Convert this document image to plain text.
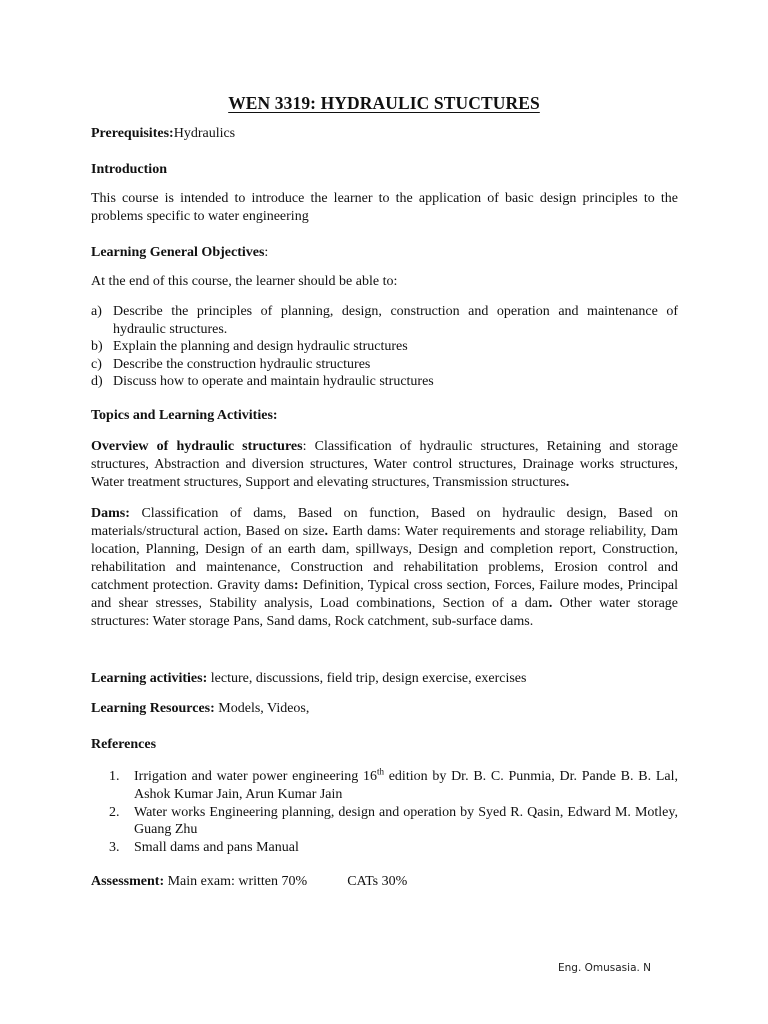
WEN 3319: HYDRAULIC STUCTURES
Prerequisites:Hydraulics
Introduction
This course is intended to introduce the learner to the application of basic design principles to the problems specific to water engineering
Learning General Objectives:
At the end of this course, the learner should be able to:
a) Describe the principles of planning, design, construction and operation and maintenance of hydraulic structures.
b) Explain the planning and design hydraulic structures
c) Describe the construction hydraulic structures
d) Discuss how to operate and maintain hydraulic structures
Topics and Learning Activities:
Overview of hydraulic structures: Classification of hydraulic structures, Retaining and storage structures, Abstraction and diversion structures, Water control structures, Drainage works structures, Water treatment structures, Support and elevating structures, Transmission structures.
Dams: Classification of dams, Based on function, Based on hydraulic design, Based on materials/structural action, Based on size. Earth dams: Water requirements and storage reliability, Dam location, Planning, Design of an earth dam, spillways, Design and completion report, Construction, rehabilitation and maintenance, Construction and rehabilitation problems, Erosion control and catchment protection. Gravity dams: Definition, Typical cross section, Forces, Failure modes, Principal and shear stresses, Stability analysis, Load combinations, Section of a dam. Other water storage structures: Water storage Pans, Sand dams, Rock catchment, sub-surface dams.
Learning activities: lecture, discussions, field trip, design exercise, exercises
Learning Resources: Models, Videos,
References
1. Irrigation and water power engineering 16th edition by Dr. B. C. Punmia, Dr. Pande B. B. Lal, Ashok Kumar Jain, Arun Kumar Jain
2. Water works Engineering planning, design and operation by Syed R. Qasin, Edward M. Motley, Guang Zhu
3. Small dams and pans Manual
Assessment: Main exam: written 70%	CATs 30%
Eng. Omusasia. N
